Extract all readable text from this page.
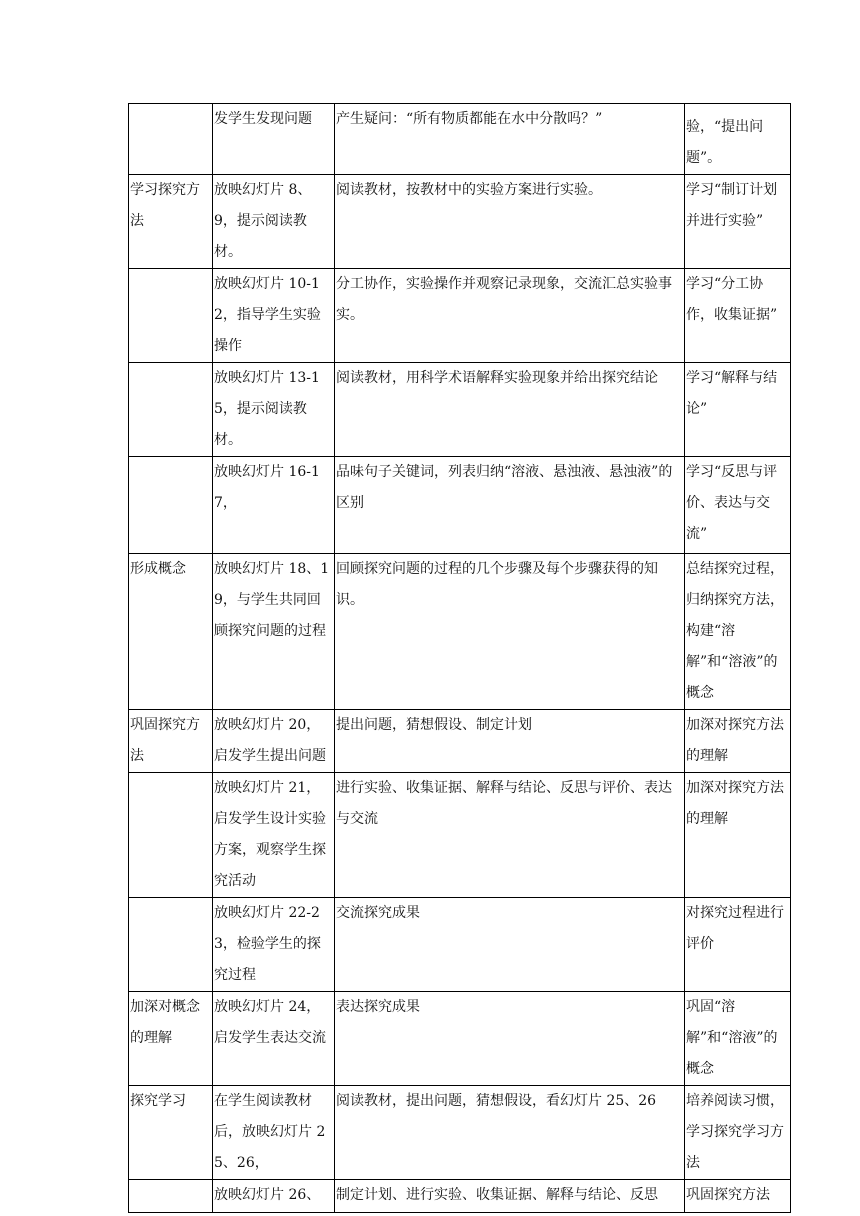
	发学生发现问题	产生疑问：“所有物质都能在水中分散吗？”	验，“提出问题”。
学习探究方法	放映幻灯片 8、9，提示阅读教材。	阅读教材，按教材中的实验方案进行实验。	学习“制订计划并进行实验”
	放映幻灯片 10-12，指导学生实验操作	分工协作，实验操作并观察记录现象，交流汇总实验事实。	学习“分工协作，收集证据”
	放映幻灯片 13-15，提示阅读教材。	阅读教材，用科学术语解释实验现象并给出探究结论	学习“解释与结论”
	放映幻灯片 16-17，	品味句子关键词，列表归纳“溶液、悬浊液、悬浊液”的区别	学习“反思与评价、表达与交流”
形成概念	放映幻灯片 18、19，与学生共同回顾探究问题的过程	回顾探究问题的过程的几个步骤及每个步骤获得的知识。	总结探究过程，归纳探究方法，构建“溶解”和“溶液”的概念
巩固探究方法	放映幻灯片 20，启发学生提出问题	提出问题，猜想假设、制定计划	加深对探究方法的理解
	放映幻灯片 21，启发学生设计实验方案，观察学生探究活动	进行实验、收集证据、解释与结论、反思与评价、表达与交流	加深对探究方法的理解
	放映幻灯片 22-23，检验学生的探究过程	交流探究成果	对探究过程进行评价
加深对概念的理解	放映幻灯片 24，启发学生表达交流	表达探究成果	巩固“溶解”和“溶液”的概念
探究学习	在学生阅读教材后，放映幻灯片 25、26，	阅读教材，提出问题，猜想假设，看幻灯片 25、26	培养阅读习惯，学习探究学习方法
	放映幻灯片 26、	制定计划、进行实验、收集证据、解释与结论、反思	巩固探究方法
